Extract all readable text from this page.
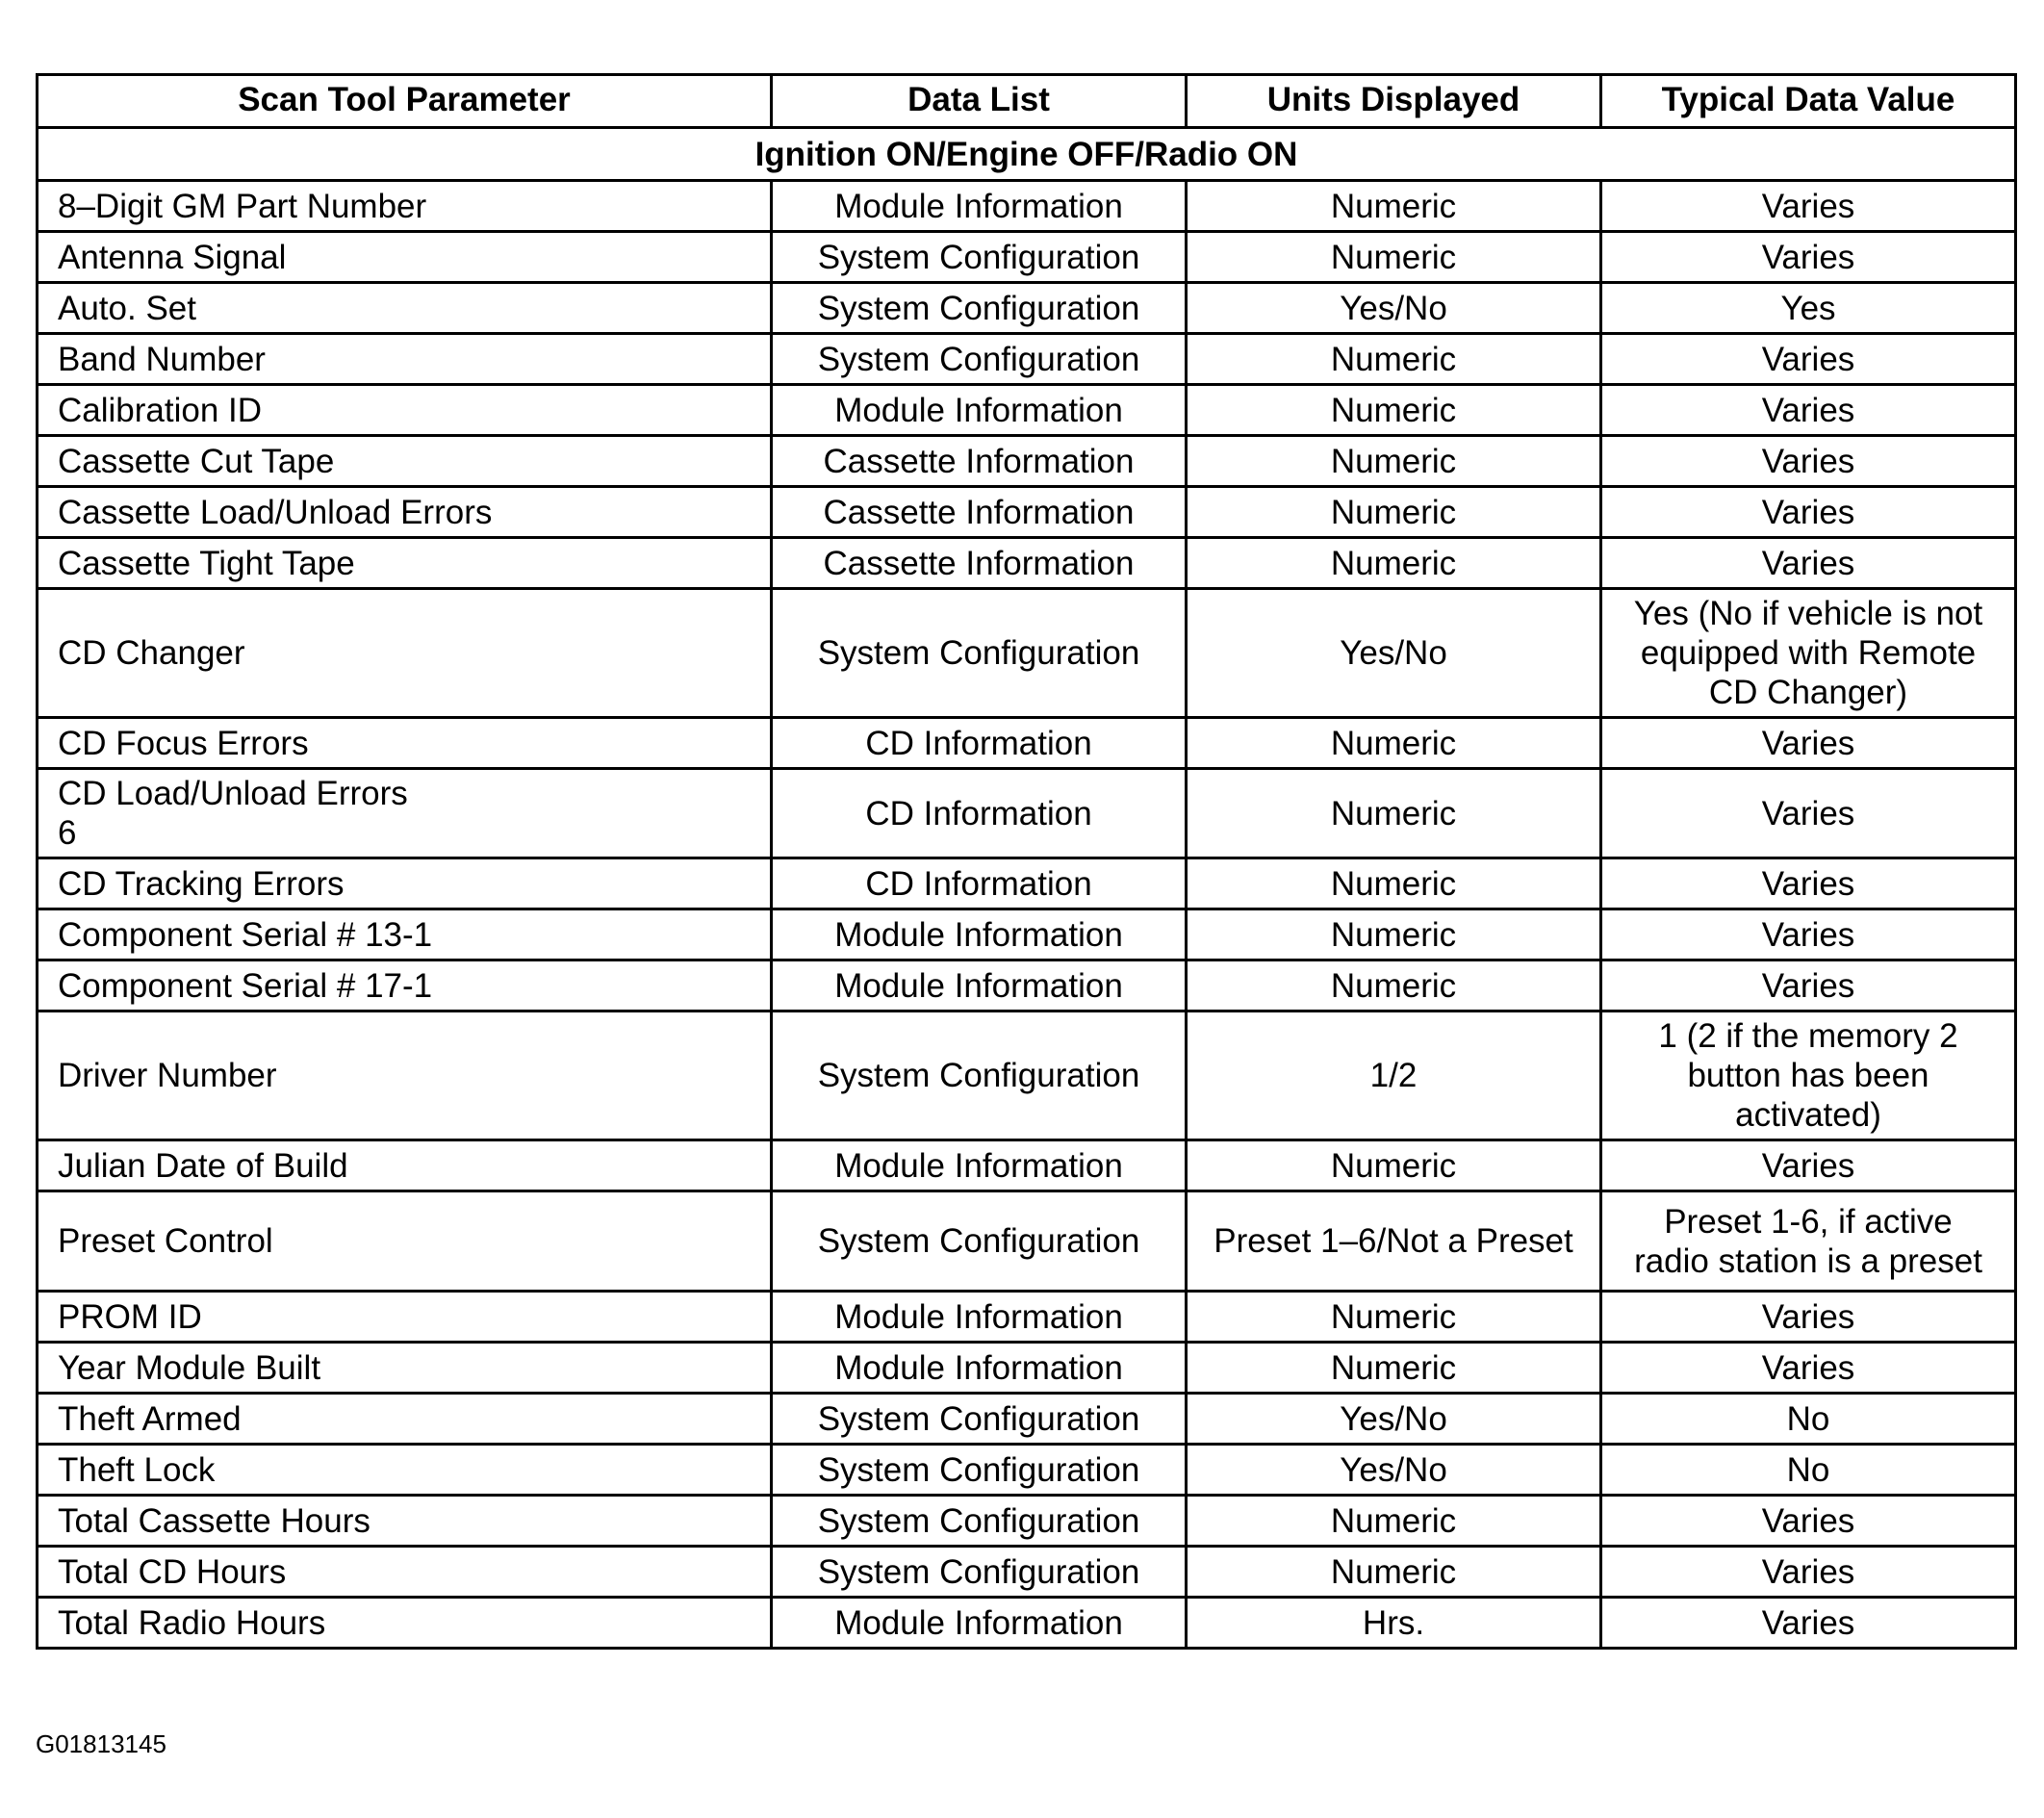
Scan Tool Parameter	Data List	Units Displayed	Typical Data Value
Ignition ON/Engine OFF/Radio ON			
8–Digit GM Part Number	Module Information	Numeric	Varies
Antenna Signal	System Configuration	Numeric	Varies
Auto. Set	System Configuration	Yes/No	Yes
Band Number	System Configuration	Numeric	Varies
Calibration ID	Module Information	Numeric	Varies
Cassette Cut Tape	Cassette Information	Numeric	Varies
Cassette Load/Unload Errors	Cassette Information	Numeric	Varies
Cassette Tight Tape	Cassette Information	Numeric	Varies
CD Changer	System Configuration	Yes/No	Yes (No if vehicle is not
equipped with Remote
CD Changer)
CD Focus Errors	CD Information	Numeric	Varies
CD Load/Unload Errors
6	CD Information	Numeric	Varies
CD Tracking Errors	CD Information	Numeric	Varies
Component Serial # 13-1	Module Information	Numeric	Varies
Component Serial # 17-1	Module Information	Numeric	Varies
Driver Number	System Configuration	1/2	1 (2 if the memory 2
button has been
activated)
Julian Date of Build	Module Information	Numeric	Varies
Preset Control	System Configuration	Preset 1–6/Not a Preset	Preset 1-6, if active
radio station is a preset
PROM ID	Module Information	Numeric	Varies
Year Module Built	Module Information	Numeric	Varies
Theft Armed	System Configuration	Yes/No	No
Theft Lock	System Configuration	Yes/No	No
Total Cassette Hours	System Configuration	Numeric	Varies
Total CD Hours	System Configuration	Numeric	Varies
Total Radio Hours	Module Information	Hrs.	Varies
G01813145
